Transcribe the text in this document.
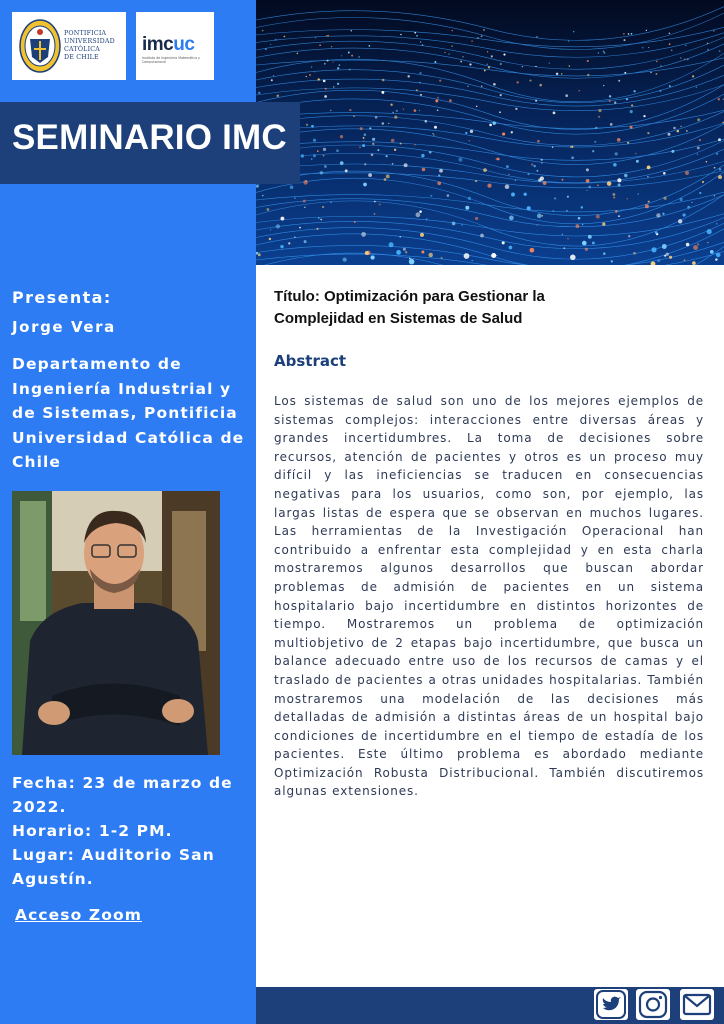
PONTIFICIA
UNIVERSIDAD
CATÓLICA
DE CHILE
imcuc
Instituto de Ingeniería Matemática y Computacional
SEMINARIO IMC
Presenta:
Jorge Vera
Departamento de Ingeniería Industrial y de Sistemas, Pontificia Universidad Católica de Chile
Fecha: 23 de marzo de 2022.
Horario: 1-2 PM.
Lugar: Auditorio San Agustín.
Acceso Zoom
Título: Optimización para Gestionar la Complejidad en Sistemas de Salud
Abstract
Los sistemas de salud son uno de los mejores ejemplos de sistemas complejos: interacciones entre diversas áreas y grandes incertidumbres. La toma de decisiones sobre recursos, atención de pacientes y otros es un proceso muy difícil y las ineficiencias se traducen en consecuencias negativas para los usuarios, como son, por ejemplo, las largas listas de espera que se observan en muchos lugares. Las herramientas de la Investigación Operacional han contribuido a enfrentar esta complejidad y en esta charla mostraremos algunos desarrollos que buscan abordar problemas de admisión de pacientes en un sistema hospitalario bajo incertidumbre en distintos horizontes de tiempo. Mostraremos un problema de optimización multiobjetivo de 2 etapas bajo incertidumbre, que busca un balance adecuado entre uso de los recursos de camas y el traslado de pacientes a otras unidades hospitalarias. También mostraremos una modelación de las decisiones más detalladas de admisión a distintas áreas de un hospital bajo condiciones de incertidumbre en el tiempo de estadía de los pacientes. Este último problema es abordado mediante Optimización Robusta Distribucional. También discutiremos algunas extensiones.
